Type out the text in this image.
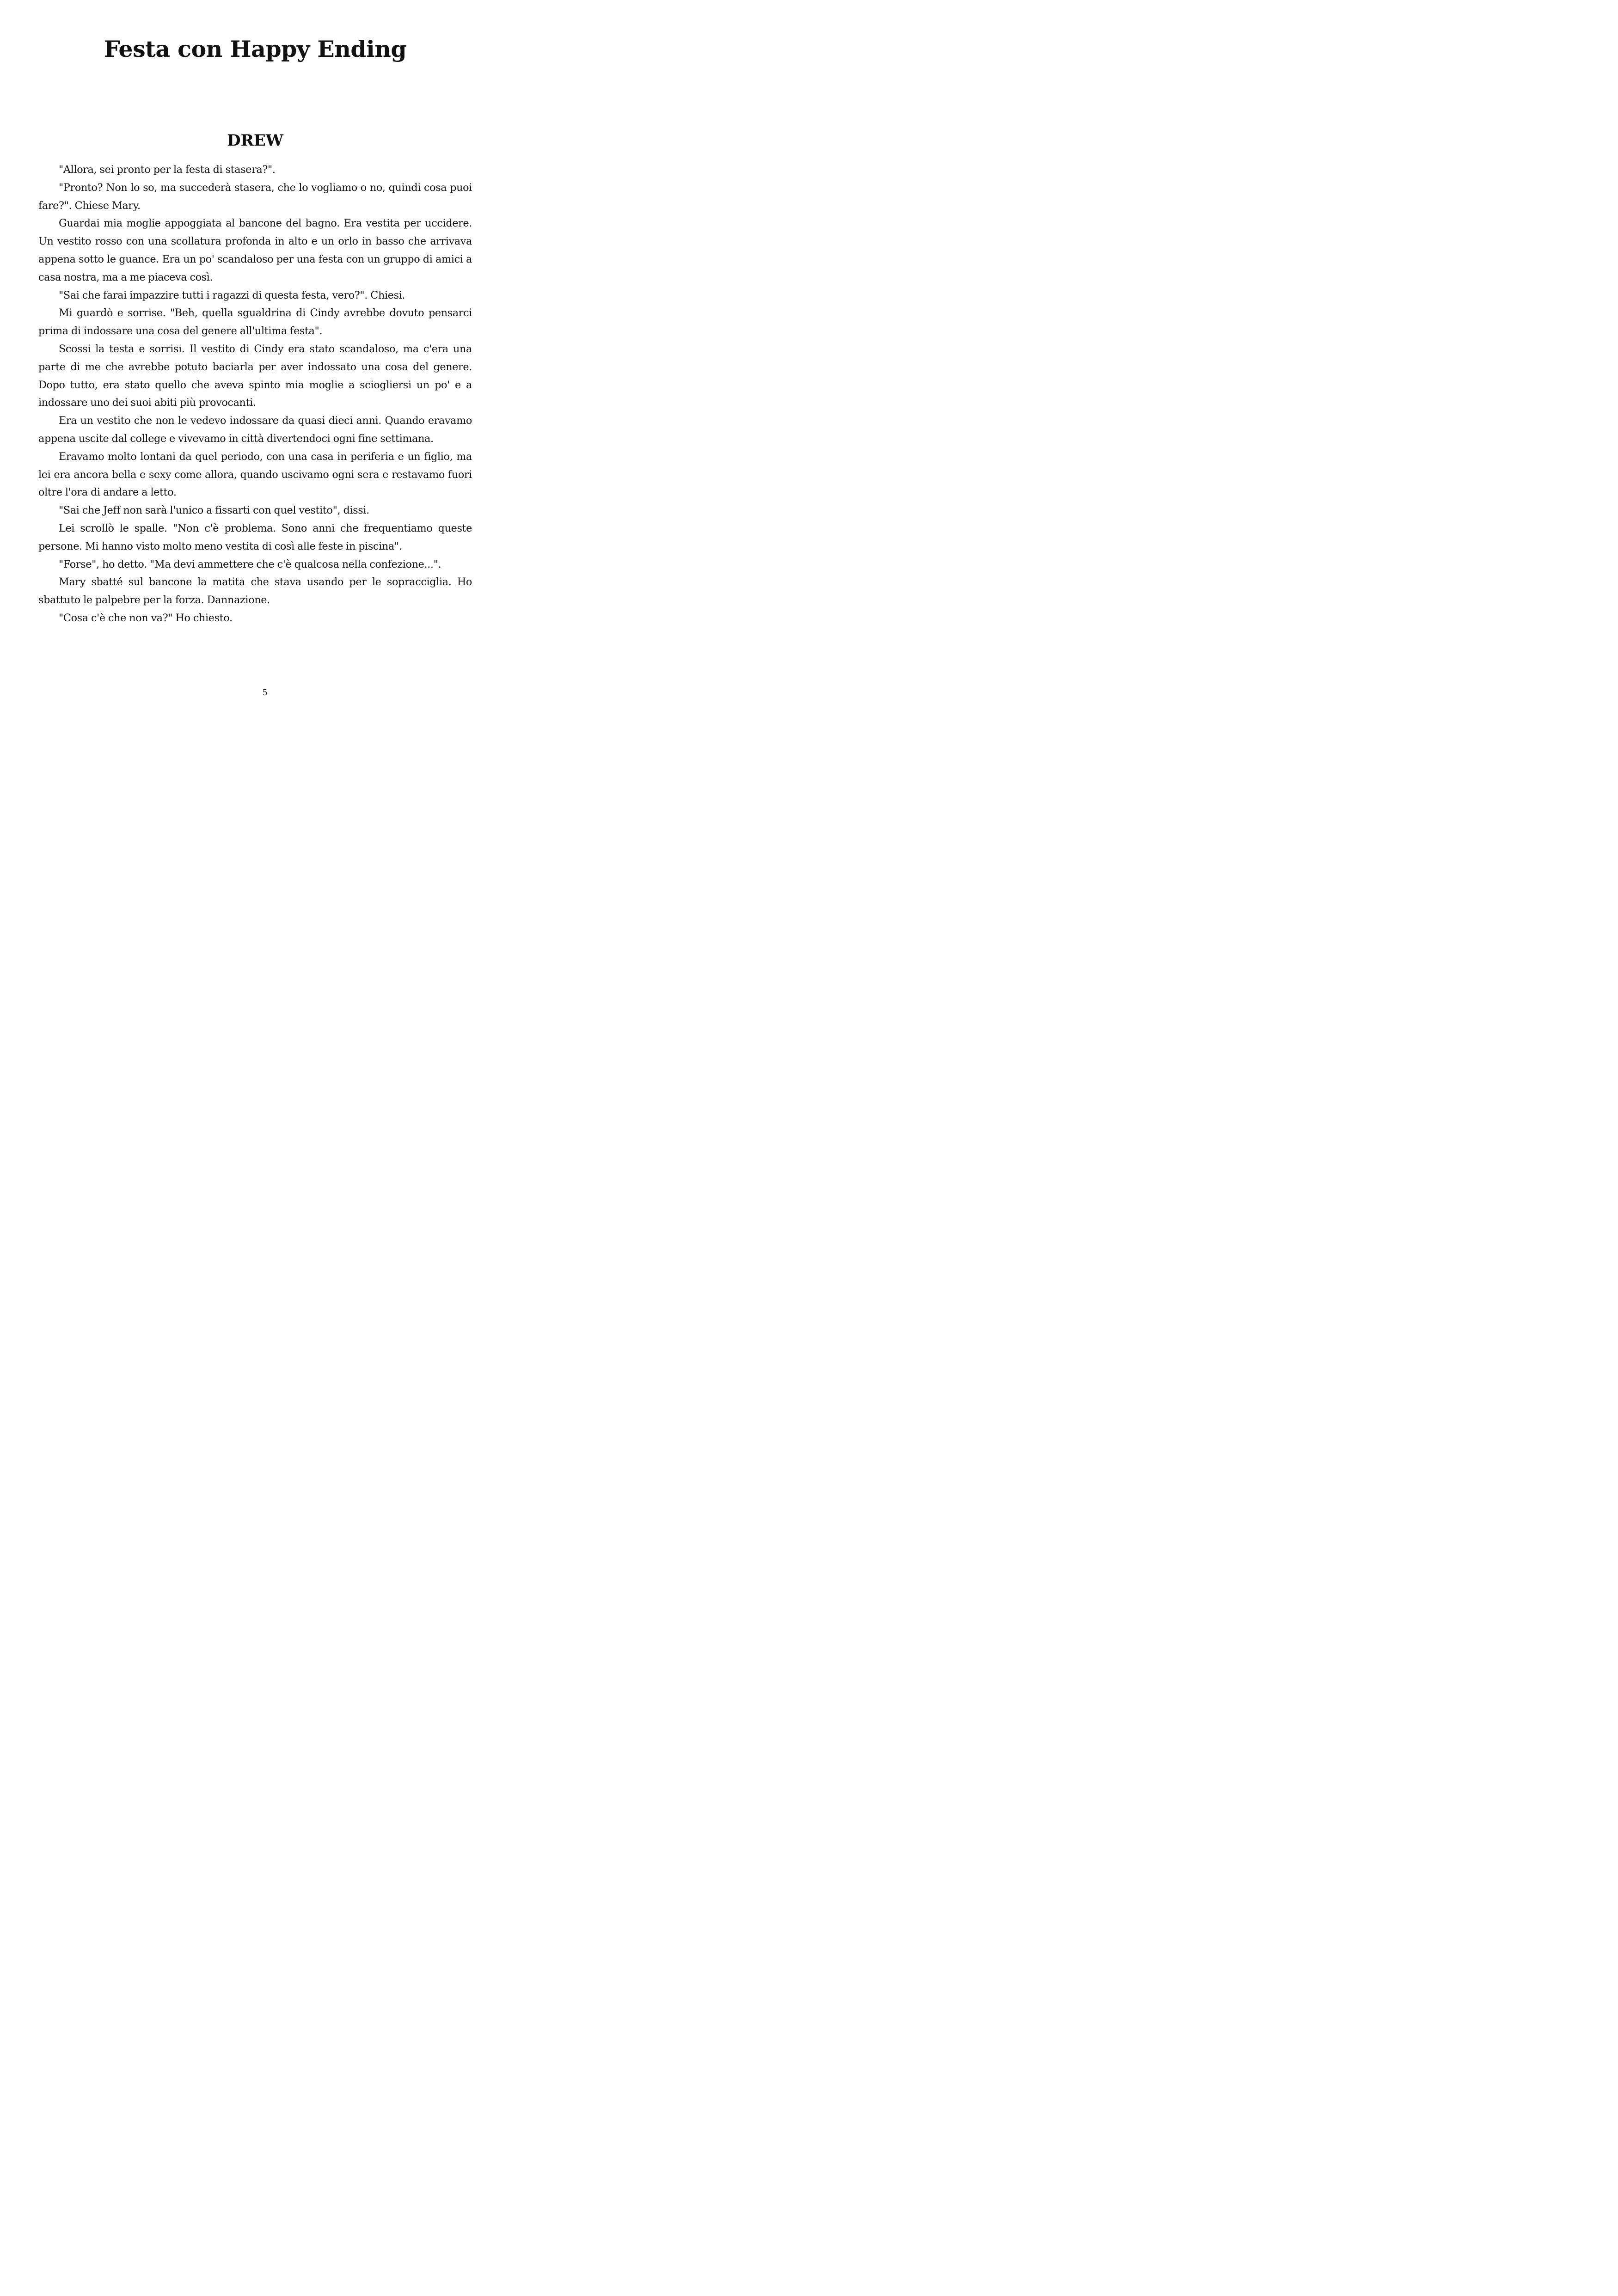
Festa con Happy Ending
DREW

"Allora, sei pronto per la festa di stasera?".

"Pronto? Non lo so, ma succederà stasera, che lo vogliamo o no, quindi cosa puoi fare?". Chiese Mary.

Guardai mia moglie appoggiata al bancone del bagno. Era vestita per uccidere. Un vestito rosso con una scollatura profonda in alto e un orlo in basso che arrivava appena sotto le guance. Era un po' scandaloso per una festa con un gruppo di amici a casa nostra, ma a me piaceva così.

"Sai che farai impazzire tutti i ragazzi di questa festa, vero?". Chiesi.

Mi guardò e sorrise. "Beh, quella sgualdrina di Cindy avrebbe dovuto pensarci prima di indossare una cosa del genere all'ultima festa".

Scossi la testa e sorrisi. Il vestito di Cindy era stato scandaloso, ma c'era una parte di me che avrebbe potuto baciarla per aver indossato una cosa del genere. Dopo tutto, era stato quello che aveva spinto mia moglie a sciogliersi un po' e a indossare uno dei suoi abiti più provocanti.

Era un vestito che non le vedevo indossare da quasi dieci anni. Quando eravamo appena uscite dal college e vivevamo in città divertendoci ogni fine settimana.

Eravamo molto lontani da quel periodo, con una casa in periferia e un figlio, ma lei era ancora bella e sexy come allora, quando uscivamo ogni sera e restavamo fuori oltre l'ora di andare a letto.

"Sai che Jeff non sarà l'unico a fissarti con quel vestito", dissi.

Lei scrollò le spalle. "Non c'è problema. Sono anni che frequentiamo queste persone. Mi hanno visto molto meno vestita di così alle feste in piscina".

"Forse", ho detto. "Ma devi ammettere che c'è qualcosa nella confezione...".

Mary sbatté sul bancone la matita che stava usando per le sopracciglia. Ho sbattuto le palpebre per la forza. Dannazione.

"Cosa c'è che non va?" Ho chiesto.

5
